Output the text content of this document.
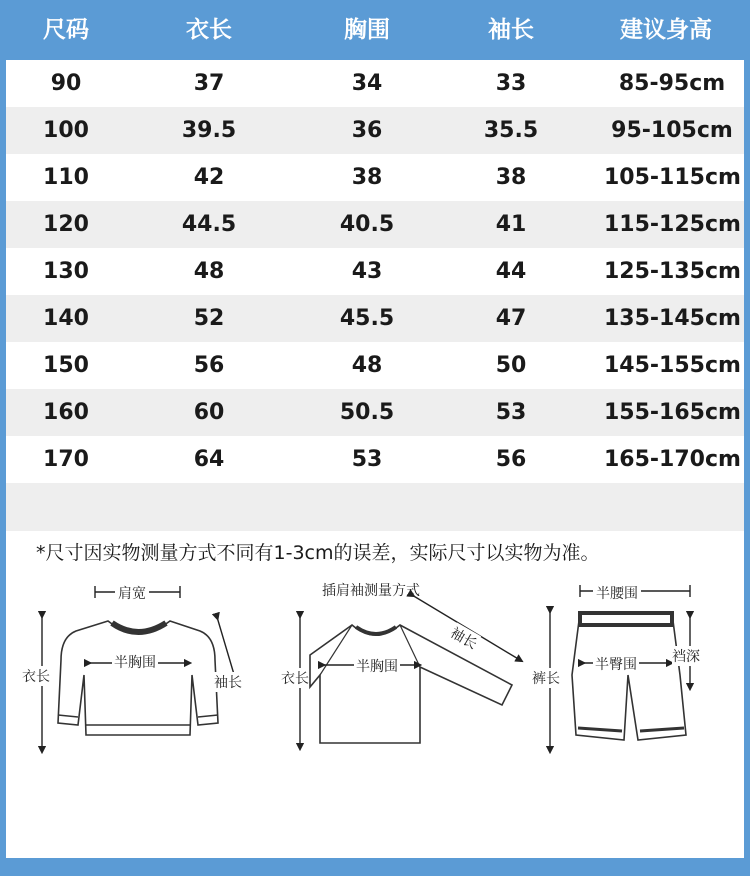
尺码	衣长	胸围	袖长	建议身高
90	37	34	33	85-95cm
100	39.5	36	35.5	95-105cm
110	42	38	38	105-115cm
120	44.5	40.5	41	115-125cm
130	48	43	44	125-135cm
140	52	45.5	47	135-145cm
150	56	48	50	145-155cm
160	60	50.5	53	155-165cm
170	64	53	56	165-170cm
*尺寸因实物测量方式不同有1-3cm的误差，实际尺寸以实物为准。
肩宽
衣长
半胸围
袖长
插肩袖测量方式
衣长
半胸围
袖长
半腰围
裤长
半臀围	裆深
